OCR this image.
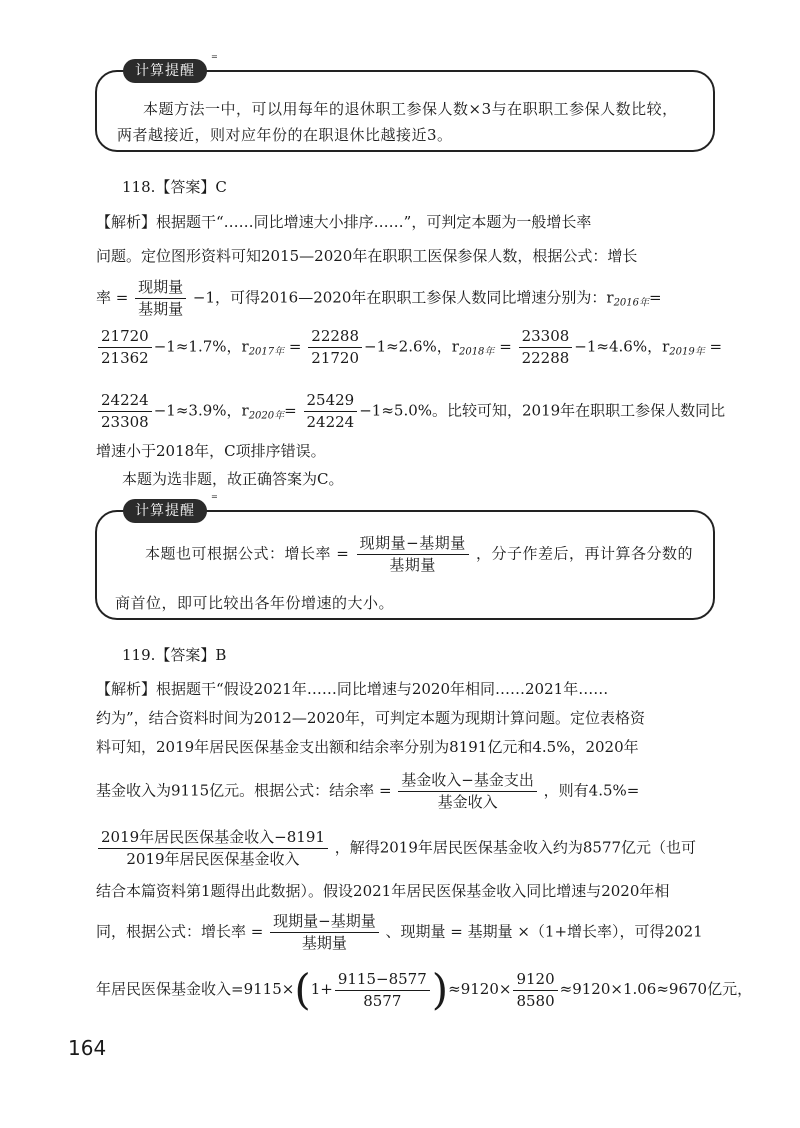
计算提醒
⁼
本题方法一中，可以用每年的退休职工参保人数×3与在职职工参保人数比较，
两者越接近，则对应年份的在职退休比越接近3。
118.【答案】C
【解析】根据题干“……同比增速大小排序……”，可判定本题为一般增长率
问题。定位图形资料可知2015—2020年在职职工医保参保人数，根据公式：增长
率 = $\frac{\text{现期量}}{\text{基期量}} -1$，可得2016—2020年在职职工参保人数同比增速分别为：$r_{2016年}=$
$\frac{21720}{21362} -1\approx 1.7\%$，$r_{2017年} = \frac{22288}{21720} -1\approx 2.6\%$，$r_{2018年} = \frac{23308}{22288} -1\approx 4.6\%$，$r_{2019年}$ =
$\frac{24224}{23308} -1\approx 3.9\%$，$r_{2020年}= \frac{25429}{24224} -1\approx 5.0\%$。比较可知，2019年在职职工参保人数同比
增速小于2018年，C项排序错误。
本题为选非题，故正确答案为C。
计算提醒
⁼
本题也可根据公式：增长率 = $\frac{\text{现期量−基期量}}{\text{基期量}}$ ，分子作差后，再计算各分数的
商首位，即可比较出各年份增速的大小。
119.【答案】B
【解析】根据题干“假设2021年……同比增速与2020年相同……2021年……
约为”，结合资料时间为2012—2020年，可判定本题为现期计算问题。定位表格资
料可知，2019年居民医保基金支出额和结余率分别为8191亿元和4.5%，2020年
基金收入为9115亿元。根据公式：结余率 = $\frac{\text{基金收入−基金支出}}{\text{基金收入}}$ ，则有4.5%=
$\frac{\text{2019年居民医保基金收入−8191}}{\text{2019年居民医保基金收入}}$ ，解得2019年居民医保基金收入约为8577亿元（也可
结合本篇资料第1题得出此数据）。假设2021年居民医保基金收入同比增速与2020年相
同，根据公式：增长率 = $\frac{\text{现期量−基期量}}{\text{基期量}}$ 、现期量 = 基期量 ×（1+增长率），可得2021
年居民医保基金收入$=9115\times(1+ \frac{9115-8577}{8577} )\approx 9120\times \frac{9120}{8580} \approx 9120\times 1.06\approx 9670$亿元，
164
